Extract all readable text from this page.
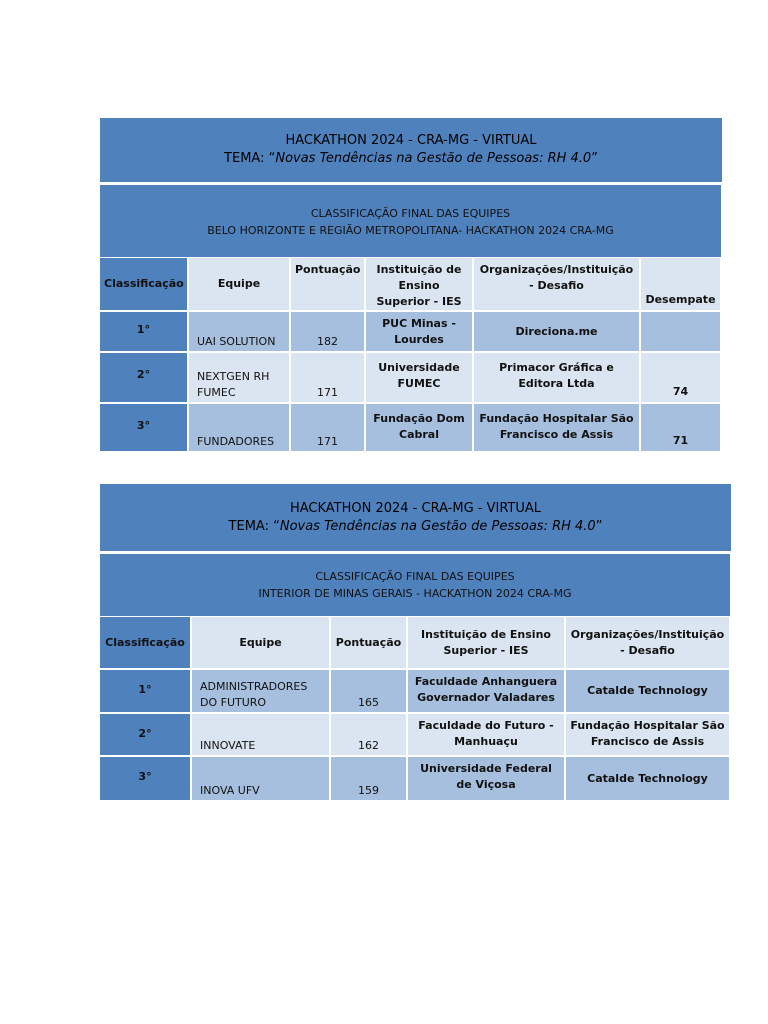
HACKATHON 2024 - CRA-MG - VIRTUAL
TEMA: “Novas Tendências na Gestão de Pessoas: RH 4.0”
CLASSIFICAÇÃO FINAL DAS EQUIPES
BELO HORIZONTE E REGIÃO METROPOLITANA- HACKATHON 2024 CRA-MG
Classificação	Equipe	Pontuação	Instituição de Ensino Superior - IES	Organizações/Instituição - Desafio	Desempate
1°	UAI SOLUTION	182	PUC Minas - Lourdes	Direciona.me	
2°	NEXTGEN RH FUMEC	171	Universidade FUMEC	Primacor Gráfica e Editora Ltda	74
3°	FUNDADORES	171	Fundação Dom Cabral	Fundação Hospitalar São Francisco de Assis	71
HACKATHON 2024 - CRA-MG - VIRTUAL
TEMA: “Novas Tendências na Gestão de Pessoas: RH 4.0”
CLASSIFICAÇÃO FINAL DAS EQUIPES
INTERIOR DE MINAS GERAIS - HACKATHON 2024 CRA-MG
Classificação	Equipe	Pontuação	Instituição de Ensino Superior - IES	Organizações/Instituição - Desafio
1°	ADMINISTRADORES DO FUTURO	165	Faculdade Anhanguera Governador Valadares	Cataldе Technology
2°	INNOVATE	162	Faculdade do Futuro - Manhuaçu	Fundação Hospitalar São Francisco de Assis
3°	INOVA UFV	159	Universidade Federal de Viçosa	Cataldе Technology
